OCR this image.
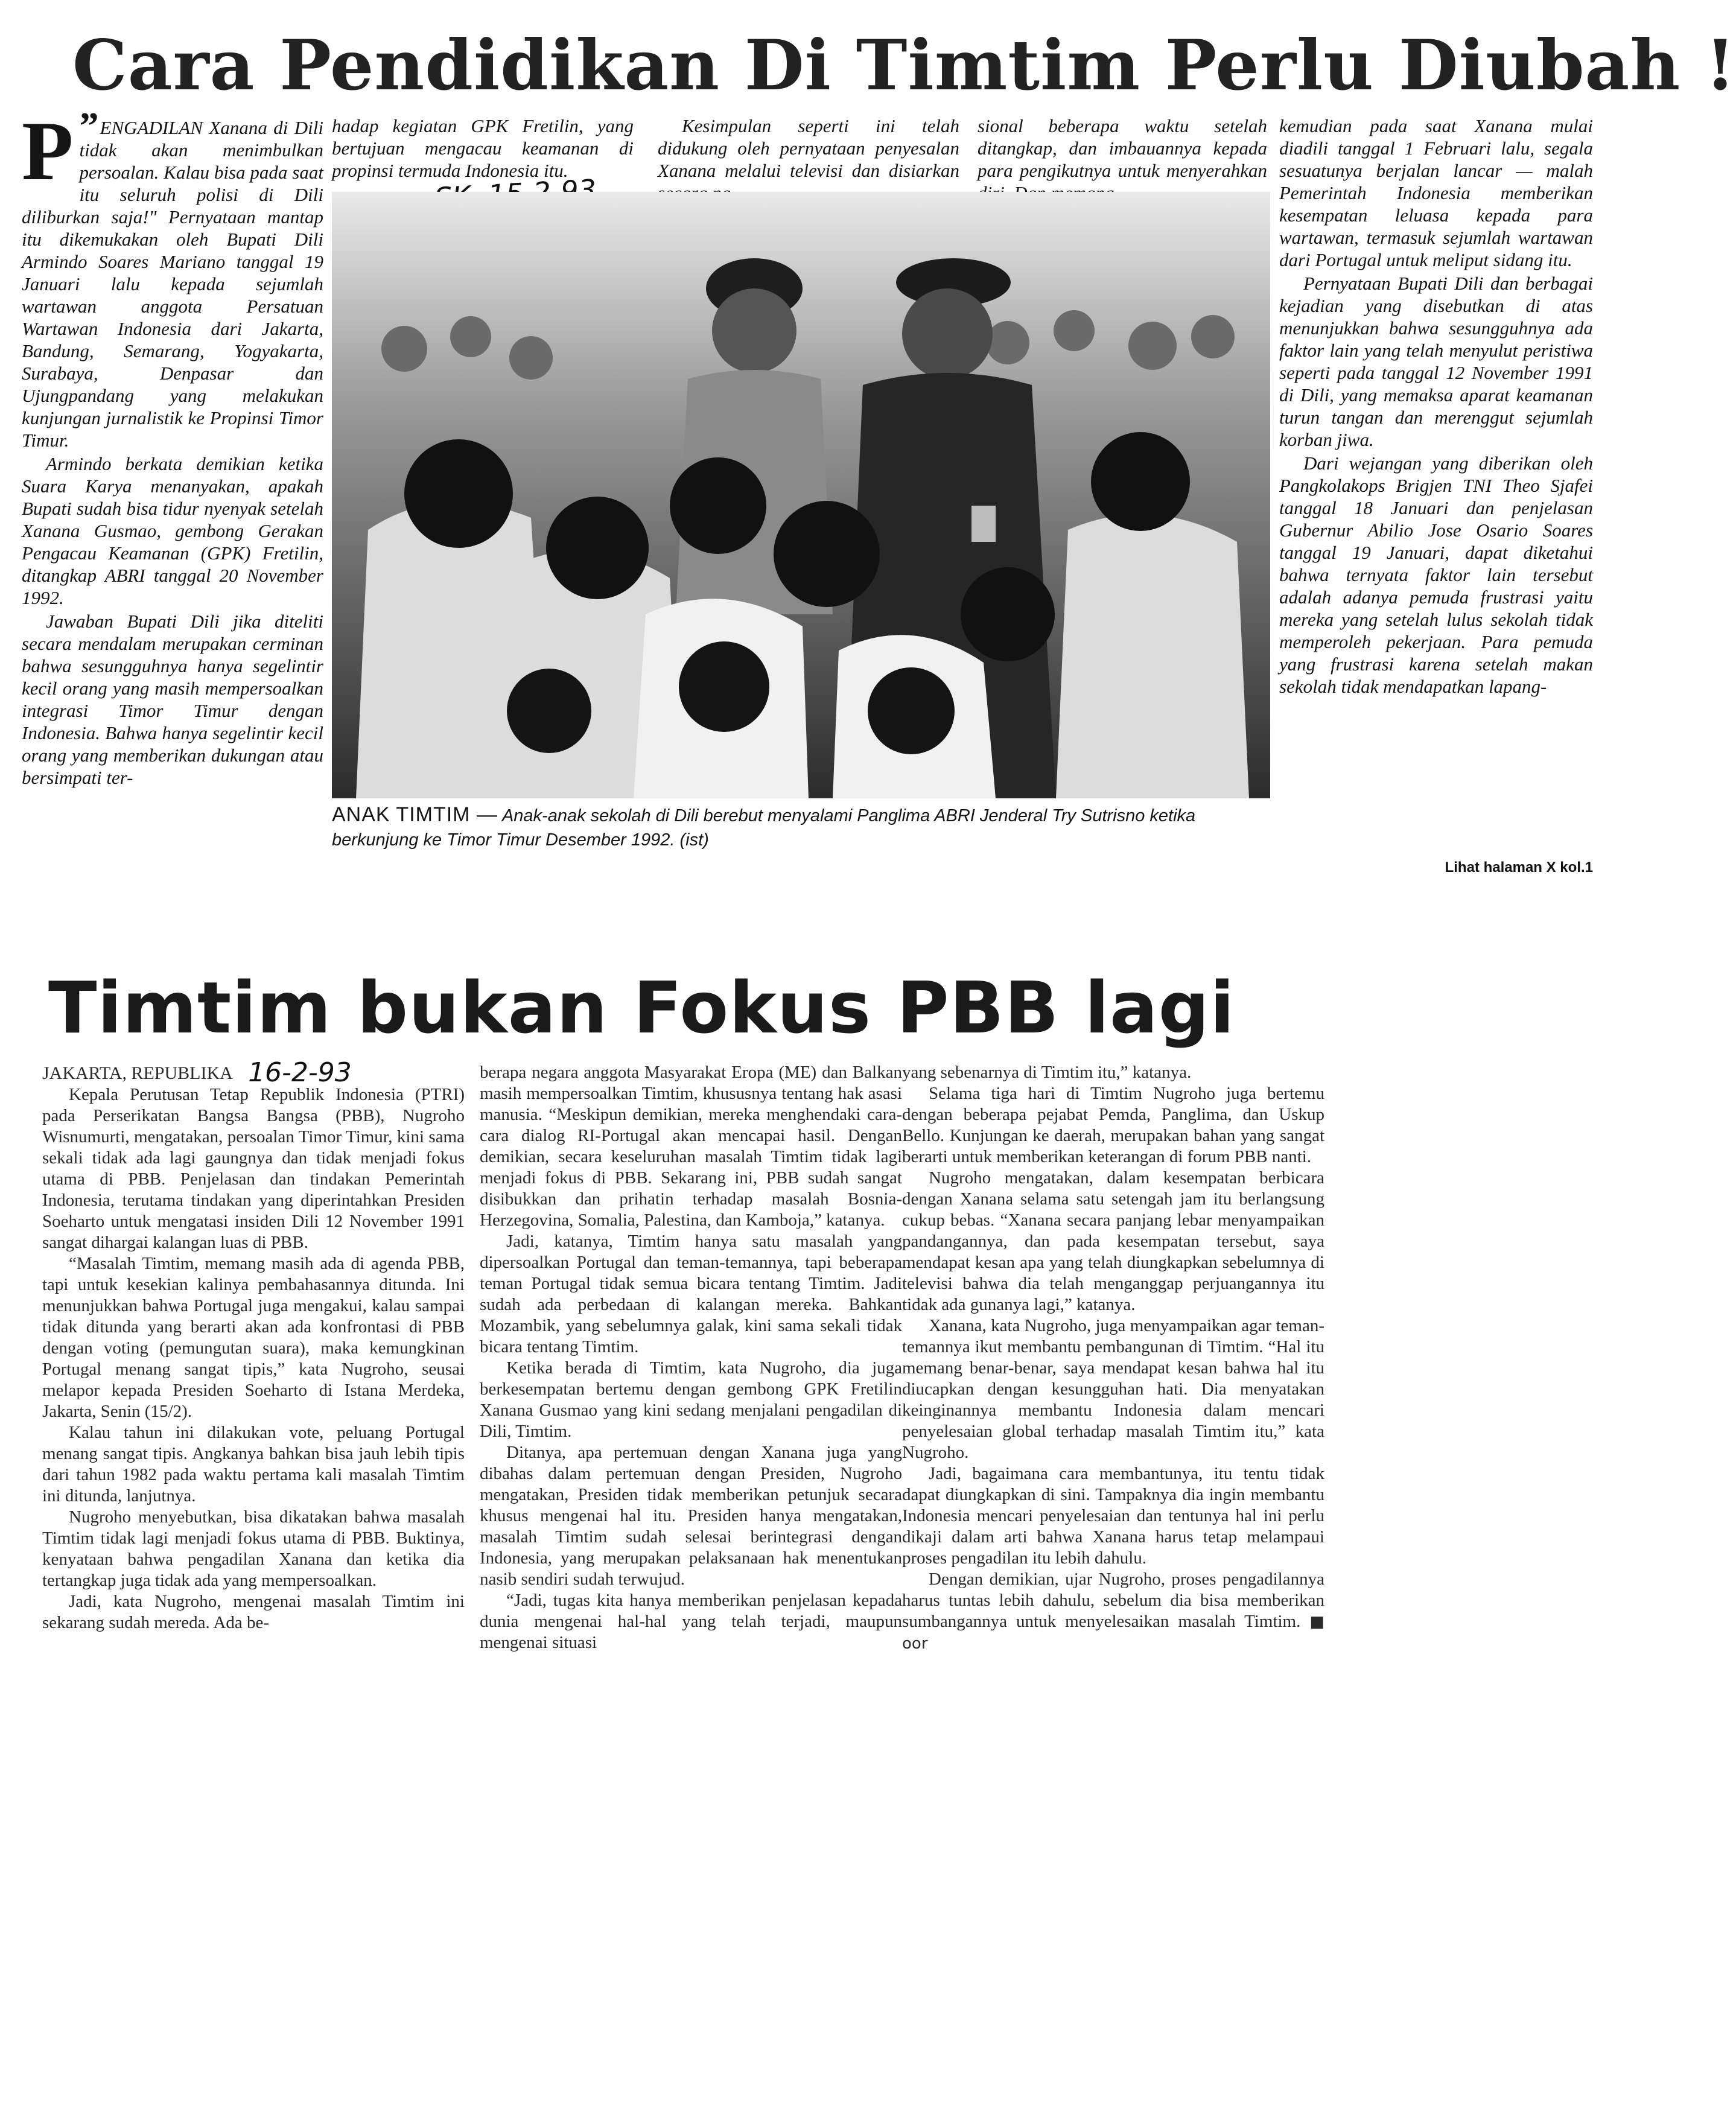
Cara Pendidikan Di Timtim Perlu Diubah !

”
P ENGADILAN Xanana di Dili tidak akan menimbulkan persoalan. Kalau bisa pada saat itu seluruh polisi di Dili diliburkan saja!" Pernyataan mantap itu dikemukakan oleh Bupati Dili Armindo Soares Mariano tanggal 19 Januari lalu kepada sejumlah wartawan anggota Persatuan Wartawan Indonesia dari Jakarta, Bandung, Semarang, Yogyakarta, Surabaya, Denpasar dan Ujungpandang yang melakukan kunjungan jurnalistik ke Propinsi Timor Timur.

Armindo berkata demikian ketika Suara Karya menanyakan, apakah Bupati sudah bisa tidur nyenyak setelah Xanana Gusmao, gembong Gerakan Pengacau Keamanan (GPK) Fretilin, ditangkap ABRI tanggal 20 November 1992.

Jawaban Bupati Dili jika diteliti secara mendalam merupakan cerminan bahwa sesungguhnya hanya segelintir kecil orang yang masih mempersoalkan integrasi Timor Timur dengan Indonesia. Bahwa hanya segelintir kecil orang yang memberikan dukungan atau bersimpati ter-

hadap kegiatan GPK Fretilin, yang bertujuan mengacau keamanan di propinsi termuda Indonesia itu.

Kesimpulan seperti ini telah didukung oleh pernyataan penyesalan Xanana melalui televisi dan disiarkan

sional beberapa waktu setelah ditangkap, dan imbauannya kepada para pengikutnya untuk menyerahkan

kemudian pada saat Xanana mulai diadili tanggal 1 Februari lalu, segala sesuatunya berjalan lancar — malah Pemerintah Indonesia memberikan kesempatan leluasa kepada para wartawan, termasuk sejumlah wartawan dari Portugal untuk meliput sidang itu.

Pernyataan Bupati Dili dan berbagai kejadian yang disebutkan di atas menunjukkan bahwa sesungguhnya ada faktor lain yang telah menyulut peristiwa seperti pada tanggal 12 November 1991 di Dili, yang memaksa aparat keamanan turun tangan dan merenggut sejumlah korban jiwa.

Dari wejangan yang diberikan oleh Pangkolakops Brigjen TNI Theo Sjafei tanggal 18 Januari dan penjelasan Gubernur Abilio Jose Osario Soares tanggal 19 Januari, dapat diketahui bahwa ternyata faktor lain tersebut adalah adanya pemuda frustrasi yaitu mereka yang setelah lulus sekolah tidak memperoleh pekerjaan. Para pemuda yang frustrasi karena setelah makan sekolah tidak mendapatkan lapang-

ANAK TIMTIM — Anak-anak sekolah di Dili berebut menyalami Panglima ABRI Jenderal Try Sutrisno ketika berkunjung ke Timor Timur Desember 1992. (ist)
Lihat halaman X kol.1
Timtim bukan Fokus PBB lagi

JAKARTA, REPUBLIKA 16-2-93

Kepala Perutusan Tetap Republik Indonesia (PTRI) pada Perserikatan Bangsa Bangsa (PBB), Nugroho Wisnumurti, mengatakan, persoalan Timor Timur, kini sama sekali tidak ada lagi gaungnya dan tidak menjadi fokus utama di PBB. Penjelasan dan tindakan Pemerintah Indonesia, terutama tindakan yang diperintahkan Presiden Soeharto untuk mengatasi insiden Dili 12 November 1991 sangat dihargai kalangan luas di PBB.

“Masalah Timtim, memang masih ada di agenda PBB, tapi untuk kesekian kalinya pembahasannya ditunda. Ini menunjukkan bahwa Portugal juga mengakui, kalau sampai tidak ditunda yang berarti akan ada konfrontasi di PBB dengan voting (pemungutan suara), maka kemungkinan Portugal menang sangat tipis,” kata Nugroho, seusai melapor kepada Presiden Soeharto di Istana Merdeka, Jakarta, Senin (15/2).

Kalau tahun ini dilakukan vote, peluang Portugal menang sangat tipis. Angkanya bahkan bisa jauh lebih tipis dari tahun 1982 pada waktu pertama kali masalah Timtim ini ditunda, lanjutnya.

Nugroho menyebutkan, bisa dikatakan bahwa masalah Timtim tidak lagi menjadi fokus utama di PBB. Buktinya, kenyataan bahwa pengadilan Xanana dan ketika dia tertangkap juga tidak ada yang mempersoalkan.

Jadi, kata Nugroho, mengenai masalah Timtim ini sekarang sudah mereda. Ada be-

berapa negara anggota Masyarakat Eropa (ME) dan Balkan masih mempersoalkan Timtim, khususnya tentang hak asasi manusia. “Meskipun demikian, mereka menghendaki cara-cara dialog RI-Portugal akan mencapai hasil. Dengan demikian, secara keseluruhan masalah Timtim tidak lagi menjadi fokus di PBB. Sekarang ini, PBB sudah sangat disibukkan dan prihatin terhadap masalah Bosnia-Herzegovina, Somalia, Palestina, dan Kamboja,” katanya.

Jadi, katanya, Timtim hanya satu masalah yang dipersoalkan Portugal dan teman-temannya, tapi beberapa teman Portugal tidak semua bicara tentang Timtim. Jadi sudah ada perbedaan di kalangan mereka. Bahkan Mozambik, yang sebelumnya galak, kini sama sekali tidak bicara tentang Timtim.

Ketika berada di Timtim, kata Nugroho, dia juga berkesempatan bertemu dengan gembong GPK Fretilin Xanana Gusmao yang kini sedang menjalani pengadilan di Dili, Timtim.

Ditanya, apa pertemuan dengan Xanana juga yang dibahas dalam pertemuan dengan Presiden, Nugroho mengatakan, Presiden tidak memberikan petunjuk secara khusus mengenai hal itu. Presiden hanya mengatakan, masalah Timtim sudah selesai berintegrasi dengan Indonesia, yang merupakan pelaksanaan hak menentukan nasib sendiri sudah terwujud.

“Jadi, tugas kita hanya memberikan penjelasan kepada dunia mengenai hal-hal yang telah terjadi, maupun mengenai situasi

yang sebenarnya di Timtim itu,” katanya.

Selama tiga hari di Timtim Nugroho juga bertemu dengan beberapa pejabat Pemda, Panglima, dan Uskup Bello. Kunjungan ke daerah, merupakan bahan yang sangat berarti untuk memberikan keterangan di forum PBB nanti.

Nugroho mengatakan, dalam kesempatan berbicara dengan Xanana selama satu setengah jam itu berlangsung cukup bebas. “Xanana secara panjang lebar menyampaikan pandangannya, dan pada kesempatan tersebut, saya mendapat kesan apa yang telah diungkapkan sebelumnya di televisi bahwa dia telah menganggap perjuangannya itu tidak ada gunanya lagi,” katanya.

Xanana, kata Nugroho, juga menyampaikan agar teman-temannya ikut membantu pembangunan di Timtim. “Hal itu memang benar-benar, saya mendapat kesan bahwa hal itu diucapkan dengan kesungguhan hati. Dia menyatakan keinginannya membantu Indonesia dalam mencari penyelesaian global terhadap masalah Timtim itu,” kata Nugroho.

Jadi, bagaimana cara membantunya, itu tentu tidak dapat diungkapkan di sini. Tampaknya dia ingin membantu Indonesia mencari penyelesaian dan tentunya hal ini perlu dikaji dalam arti bahwa Xanana harus tetap melampaui proses pengadilan itu lebih dahulu.

Dengan demikian, ujar Nugroho, proses pengadilannya harus tuntas lebih dahulu, sebelum dia bisa memberikan sumbangannya untuk menyelesaikan masalah Timtim. ■ oor
